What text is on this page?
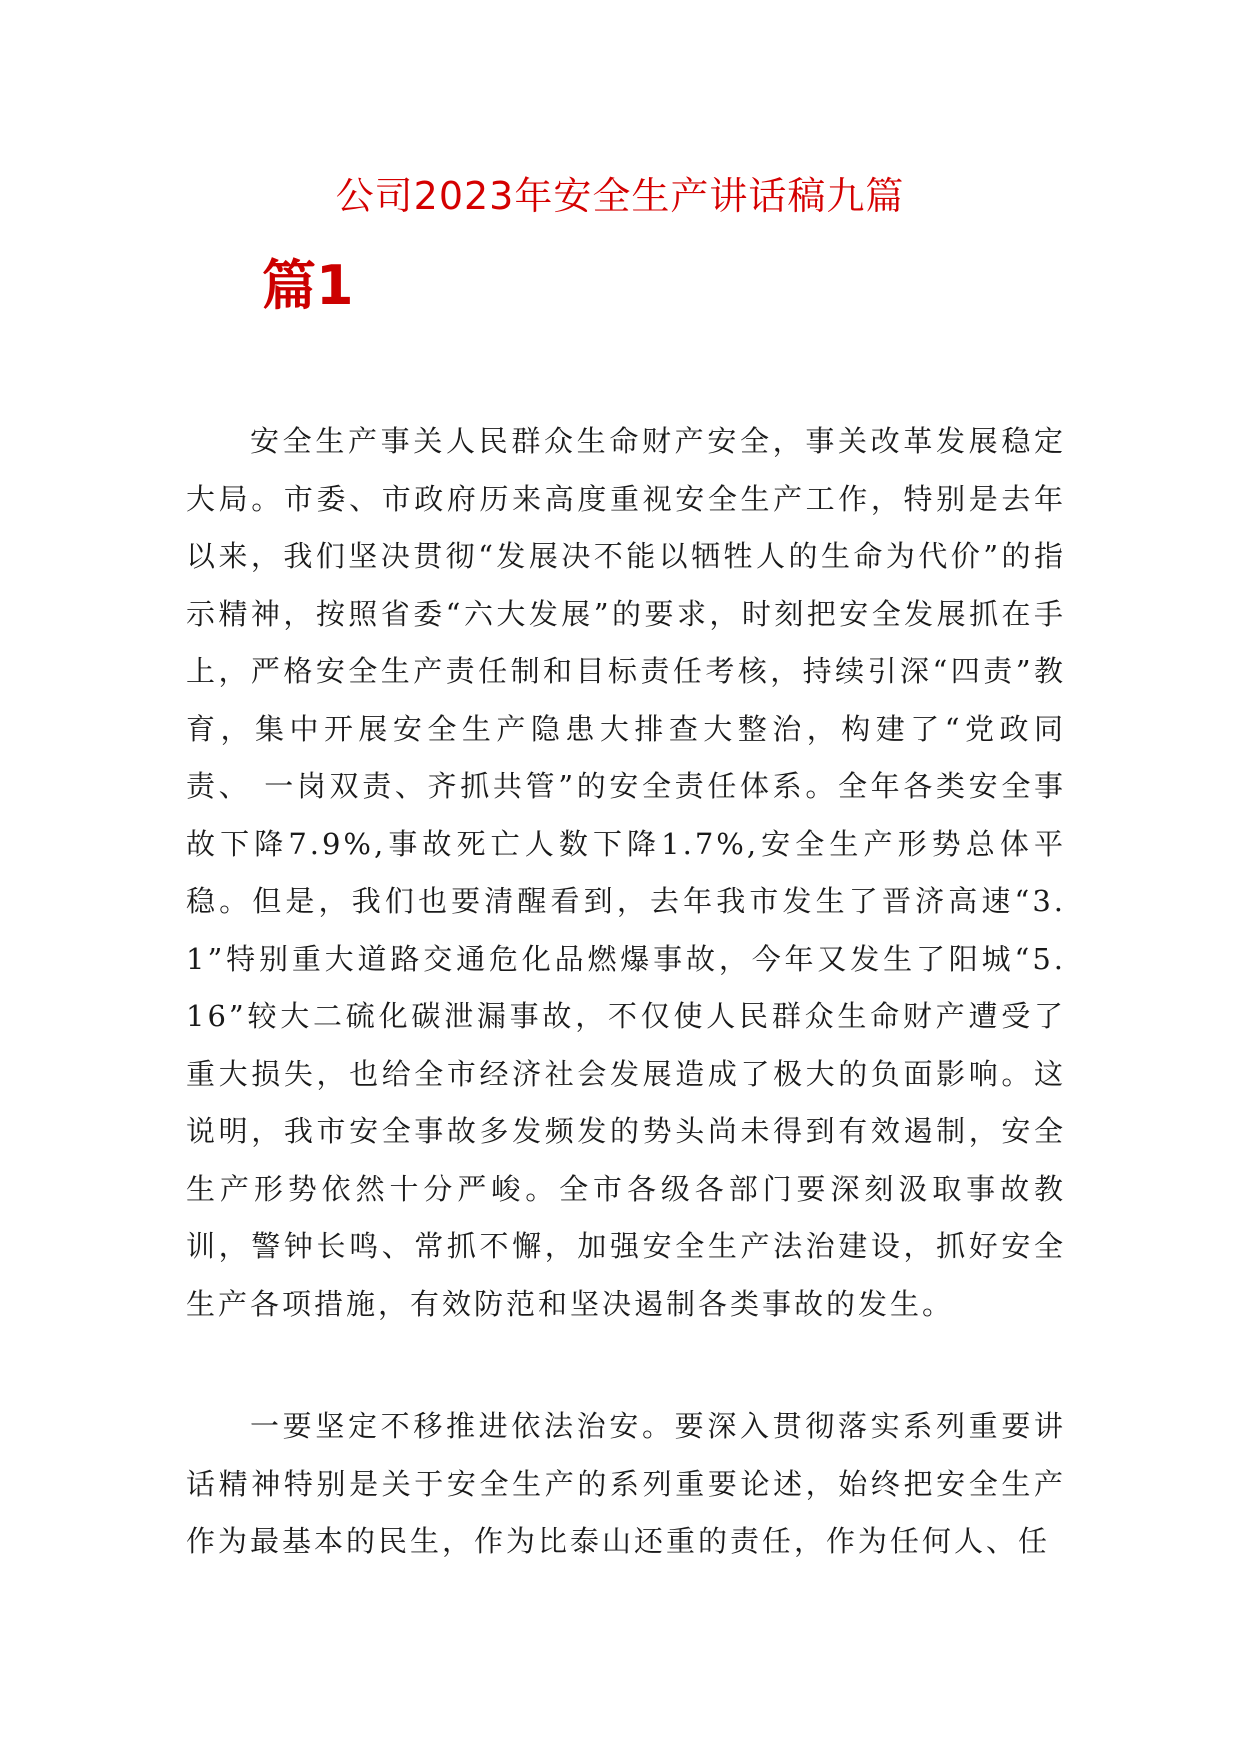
公司2023年安全生产讲话稿九篇
篇1

安全生产事关人民群众生命财产安全，事关改革发展稳定大局。市委、市政府历来高度重视安全生产工作，特别是去年以来，我们坚决贯彻“发展决不能以牺牲人的生命为代价”的指示精神，按照省委“六大发展”的要求，时刻把安全发展抓在手上，严格安全生产责任制和目标责任考核，持续引深“四责”教育，集中开展安全生产隐患大排查大整治，构建了“党政同责、 一岗双责、齐抓共管”的安全责任体系。全年各类安全事故下降7.9%,事故死亡人数下降1.7%,安全生产形势总体平稳。但是，我们也要清醒看到，去年我市发生了晋济高速“3.1”特别重大道路交通危化品燃爆事故，今年又发生了阳城“5.16”较大二硫化碳泄漏事故，不仅使人民群众生命财产遭受了重大损失，也给全市经济社会发展造成了极大的负面影响。这说明，我市安全事故多发频发的势头尚未得到有效遏制，安全生产形势依然十分严峻。全市各级各部门要深刻汲取事故教训，警钟长鸣、常抓不懈，加强安全生产法治建设，抓好安全生产各项措施，有效防范和坚决遏制各类事故的发生。

一要坚定不移推进依法治安。要深入贯彻落实系列重要讲话精神特别是关于安全生产的系列重要论述，始终把安全生产作为最基本的民生，作为比泰山还重的责任，作为任何人、任
